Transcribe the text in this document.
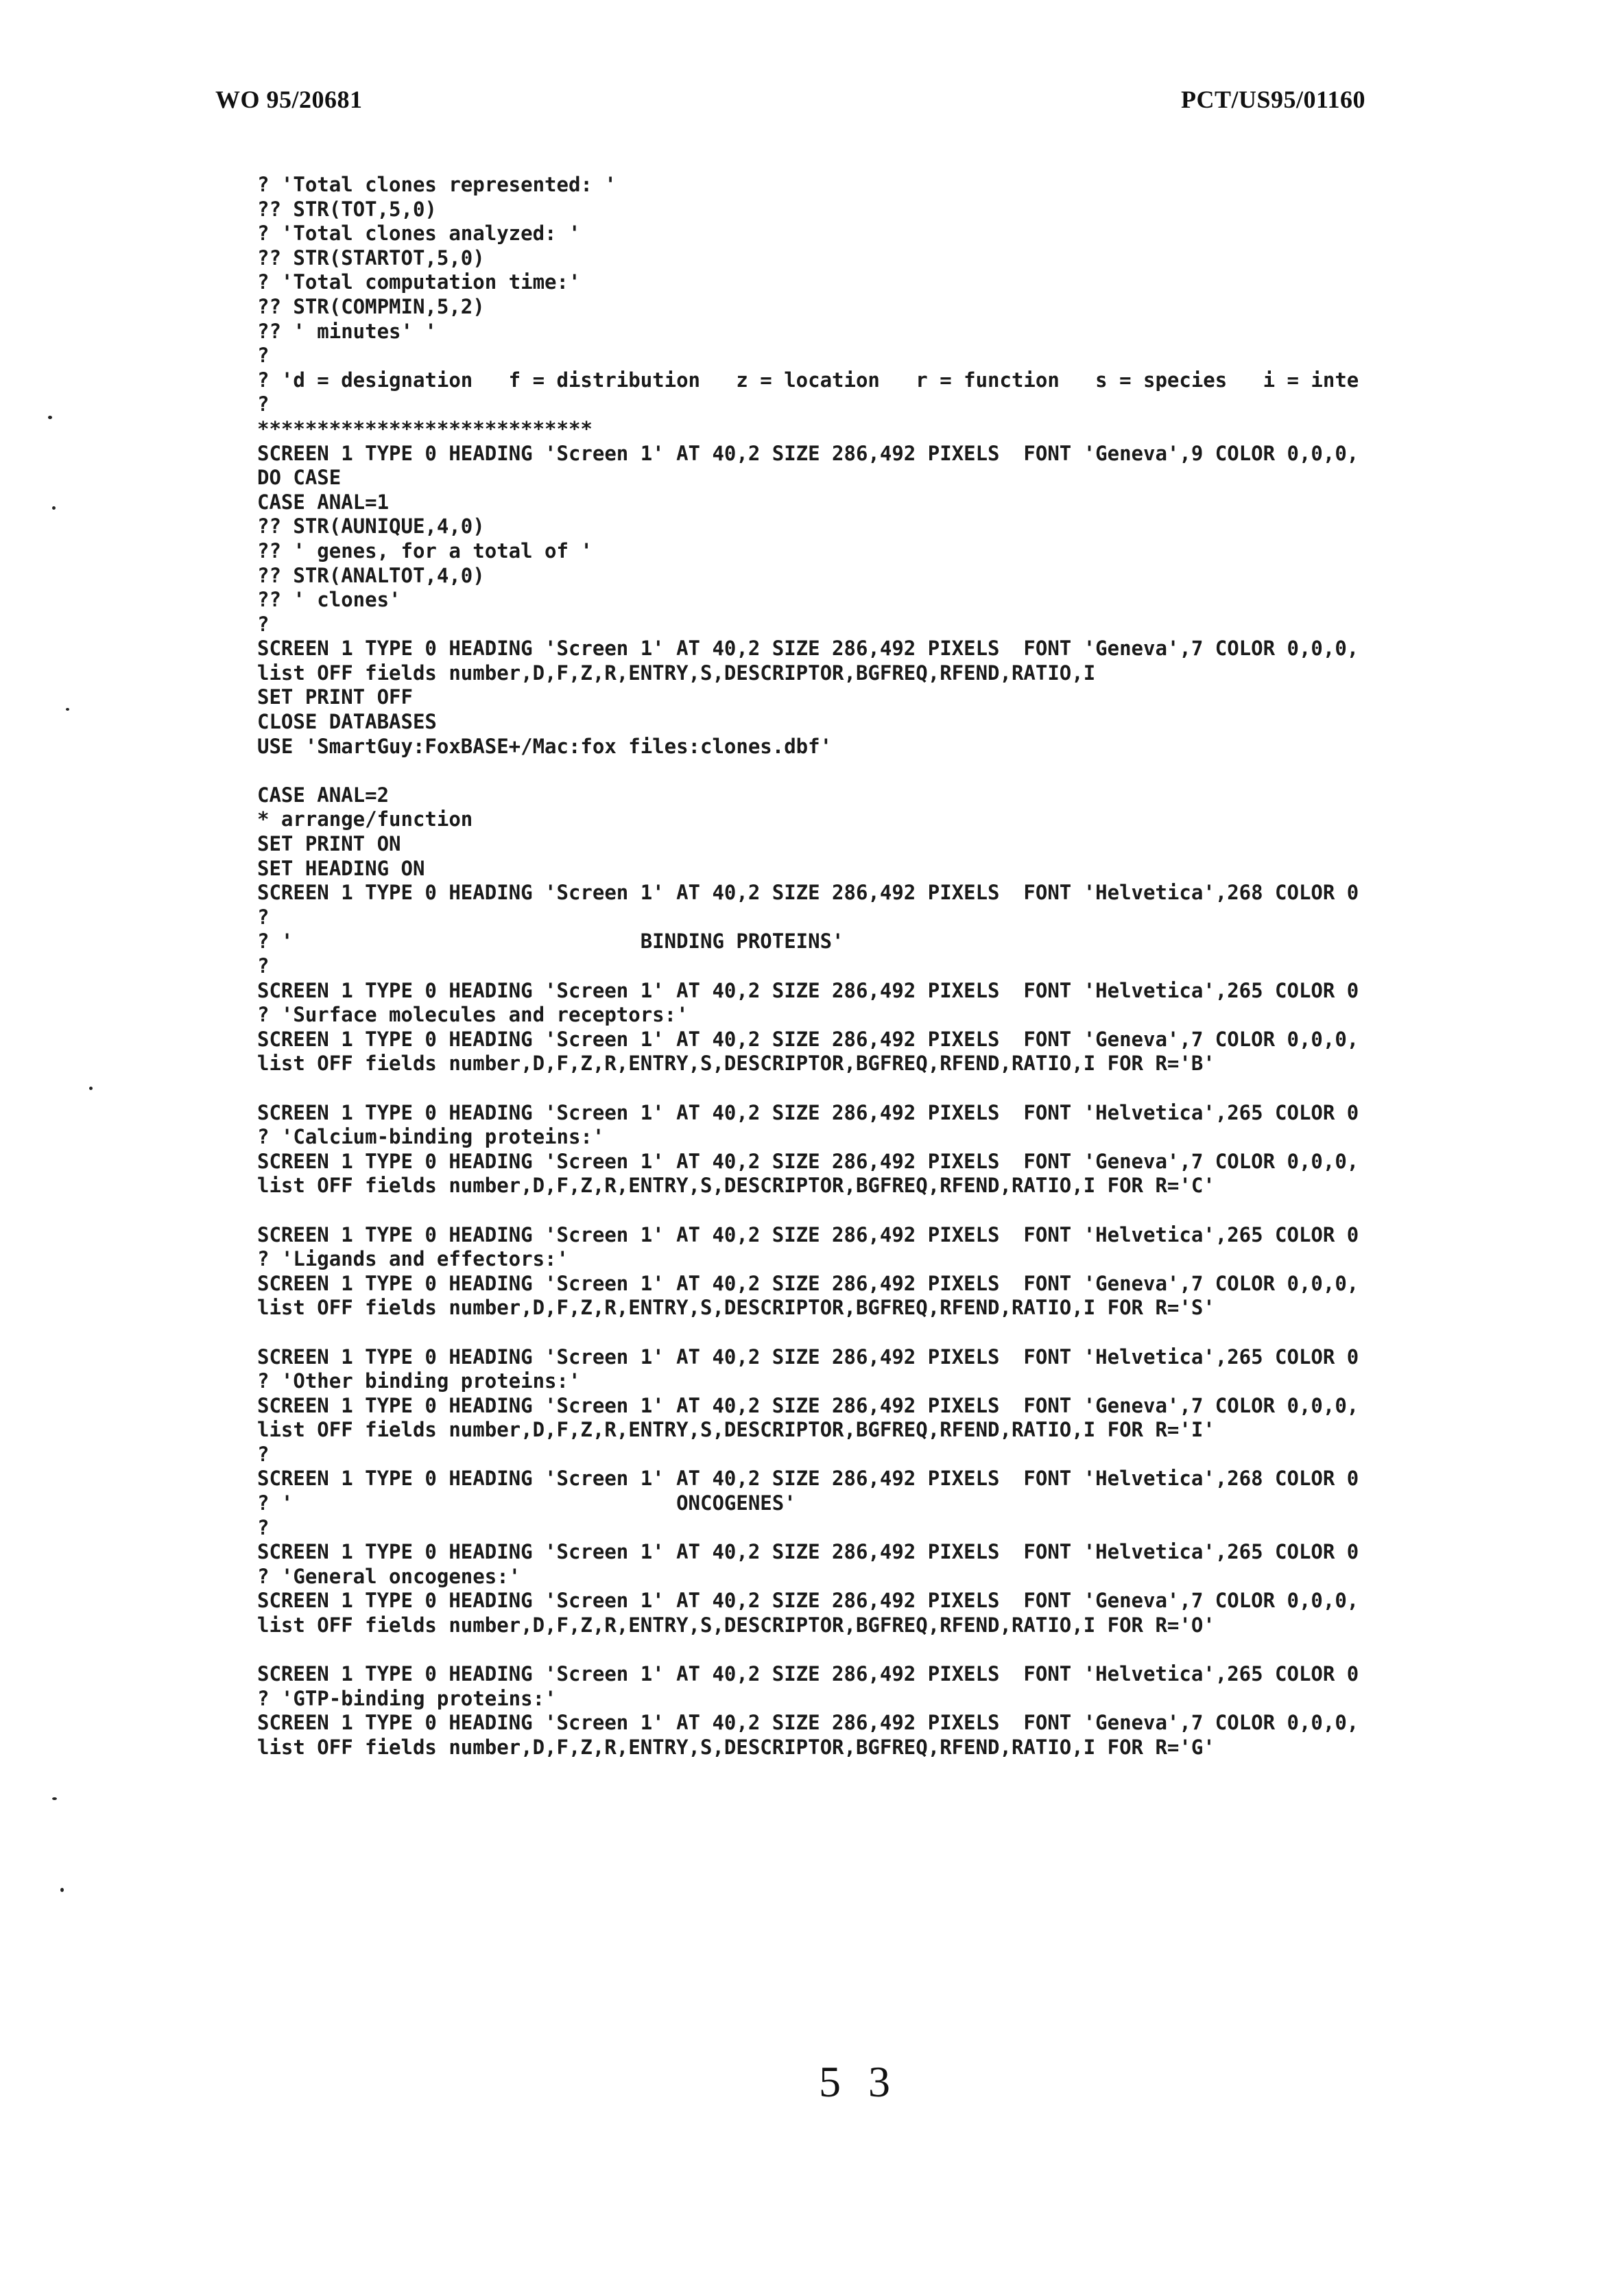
WO 95/20681	PCT/US95/01160
? 'Total clones represented: '
?? STR(TOT,5,0)
? 'Total clones analyzed: '
?? STR(STARTOT,5,0)
? 'Total computation time:'
?? STR(COMPMIN,5,2)
?? ' minutes' '
?
? 'd = designation   f = distribution   z = location   r = function   s = species   i = inte
?
****************************
SCREEN 1 TYPE 0 HEADING 'Screen 1' AT 40,2 SIZE 286,492 PIXELS  FONT 'Geneva',9 COLOR 0,0,0,
DO CASE
CASE ANAL=1
?? STR(AUNIQUE,4,0)
?? ' genes, for a total of '
?? STR(ANALTOT,4,0)
?? ' clones'
?
SCREEN 1 TYPE 0 HEADING 'Screen 1' AT 40,2 SIZE 286,492 PIXELS  FONT 'Geneva',7 COLOR 0,0,0,
list OFF fields number,D,F,Z,R,ENTRY,S,DESCRIPTOR,BGFREQ,RFEND,RATIO,I
SET PRINT OFF
CLOSE DATABASES
USE 'SmartGuy:FoxBASE+/Mac:fox files:clones.dbf'
CASE ANAL=2
* arrange/function
SET PRINT ON
SET HEADING ON
SCREEN 1 TYPE 0 HEADING 'Screen 1' AT 40,2 SIZE 286,492 PIXELS  FONT 'Helvetica',268 COLOR 0
?
? '                             BINDING PROTEINS'
?
SCREEN 1 TYPE 0 HEADING 'Screen 1' AT 40,2 SIZE 286,492 PIXELS  FONT 'Helvetica',265 COLOR 0
? 'Surface molecules and receptors:'
SCREEN 1 TYPE 0 HEADING 'Screen 1' AT 40,2 SIZE 286,492 PIXELS  FONT 'Geneva',7 COLOR 0,0,0,
list OFF fields number,D,F,Z,R,ENTRY,S,DESCRIPTOR,BGFREQ,RFEND,RATIO,I FOR R='B'
SCREEN 1 TYPE 0 HEADING 'Screen 1' AT 40,2 SIZE 286,492 PIXELS  FONT 'Helvetica',265 COLOR 0
? 'Calcium-binding proteins:'
SCREEN 1 TYPE 0 HEADING 'Screen 1' AT 40,2 SIZE 286,492 PIXELS  FONT 'Geneva',7 COLOR 0,0,0,
list OFF fields number,D,F,Z,R,ENTRY,S,DESCRIPTOR,BGFREQ,RFEND,RATIO,I FOR R='C'
SCREEN 1 TYPE 0 HEADING 'Screen 1' AT 40,2 SIZE 286,492 PIXELS  FONT 'Helvetica',265 COLOR 0
? 'Ligands and effectors:'
SCREEN 1 TYPE 0 HEADING 'Screen 1' AT 40,2 SIZE 286,492 PIXELS  FONT 'Geneva',7 COLOR 0,0,0,
list OFF fields number,D,F,Z,R,ENTRY,S,DESCRIPTOR,BGFREQ,RFEND,RATIO,I FOR R='S'
SCREEN 1 TYPE 0 HEADING 'Screen 1' AT 40,2 SIZE 286,492 PIXELS  FONT 'Helvetica',265 COLOR 0
? 'Other binding proteins:'
SCREEN 1 TYPE 0 HEADING 'Screen 1' AT 40,2 SIZE 286,492 PIXELS  FONT 'Geneva',7 COLOR 0,0,0,
list OFF fields number,D,F,Z,R,ENTRY,S,DESCRIPTOR,BGFREQ,RFEND,RATIO,I FOR R='I'
?
SCREEN 1 TYPE 0 HEADING 'Screen 1' AT 40,2 SIZE 286,492 PIXELS  FONT 'Helvetica',268 COLOR 0
? '                                ONCOGENES'
?
SCREEN 1 TYPE 0 HEADING 'Screen 1' AT 40,2 SIZE 286,492 PIXELS  FONT 'Helvetica',265 COLOR 0
? 'General oncogenes:'
SCREEN 1 TYPE 0 HEADING 'Screen 1' AT 40,2 SIZE 286,492 PIXELS  FONT 'Geneva',7 COLOR 0,0,0,
list OFF fields number,D,F,Z,R,ENTRY,S,DESCRIPTOR,BGFREQ,RFEND,RATIO,I FOR R='O'
SCREEN 1 TYPE 0 HEADING 'Screen 1' AT 40,2 SIZE 286,492 PIXELS  FONT 'Helvetica',265 COLOR 0
? 'GTP-binding proteins:'
SCREEN 1 TYPE 0 HEADING 'Screen 1' AT 40,2 SIZE 286,492 PIXELS  FONT 'Geneva',7 COLOR 0,0,0,
list OFF fields number,D,F,Z,R,ENTRY,S,DESCRIPTOR,BGFREQ,RFEND,RATIO,I FOR R='G'
5 3
